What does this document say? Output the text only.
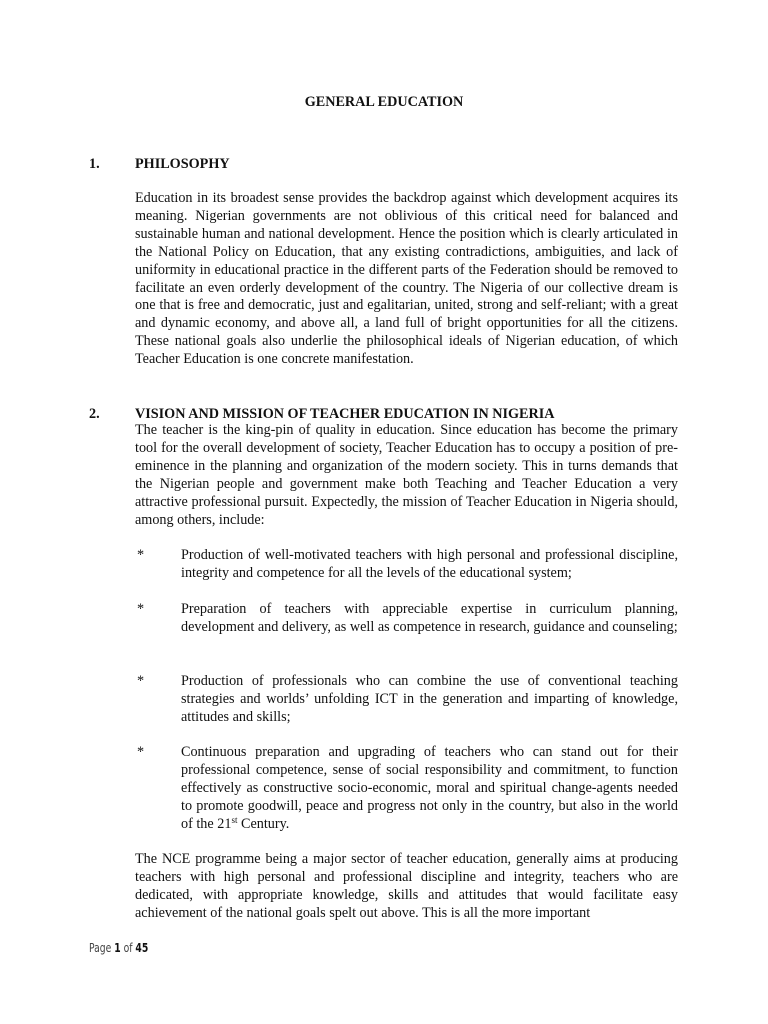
GENERAL EDUCATION
1. PHILOSOPHY
Education in its broadest sense provides the backdrop against which development acquires its meaning. Nigerian governments are not oblivious of this critical need for balanced and sustainable human and national development. Hence the position which is clearly articulated in the National Policy on Education, that any existing contradictions, ambiguities, and lack of uniformity in educational practice in the different parts of the Federation should be removed to facilitate an even orderly development of the country. The Nigeria of our collective dream is one that is free and democratic, just and egalitarian, united, strong and self-reliant; with a great and dynamic economy, and above all, a land full of bright opportunities for all the citizens. These national goals also underlie the philosophical ideals of Nigerian education, of which Teacher Education is one concrete manifestation.
2. VISION AND MISSION OF TEACHER EDUCATION IN NIGERIA
The teacher is the king-pin of quality in education. Since education has become the primary tool for the overall development of society, Teacher Education has to occupy a position of pre-eminence in the planning and organization of the modern society. This in turns demands that the Nigerian people and government make both Teaching and Teacher Education a very attractive professional pursuit. Expectedly, the mission of Teacher Education in Nigeria should, among others, include:
*	Production of well-motivated teachers with high personal and professional discipline, integrity and competence for all the levels of the educational system;
*	Preparation of teachers with appreciable expertise in curriculum planning, development and delivery, as well as competence in research, guidance and counseling;
*	Production of professionals who can combine the use of conventional teaching strategies and worlds’ unfolding ICT in the generation and imparting of knowledge, attitudes and skills;
*	Continuous preparation and upgrading of teachers who can stand out for their professional competence, sense of social responsibility and commitment, to function effectively as constructive socio-economic, moral and spiritual change-agents needed to promote goodwill, peace and progress not only in the country, but also in the world of the 21st Century.
The NCE programme being a major sector of teacher education, generally aims at producing teachers with high personal and professional discipline and integrity, teachers who are dedicated, with appropriate knowledge, skills and attitudes that would facilitate easy achievement of the national goals spelt out above. This is all the more important
Page 1 of 45
